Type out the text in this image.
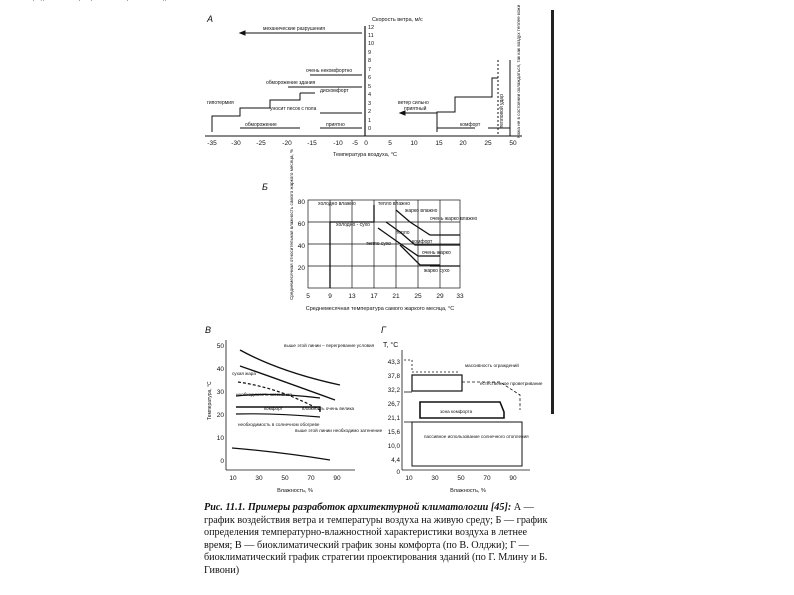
А	Скорость ветра, м/с
-35 -30 -25	-20 -15	-10 -5 0	5	10	15	20	25	50
Температура воздуха, °С
0
1
2
3
4
5
6
7
8
9
10
11
12
механические разрушения
очень некомфортно
обморожение здания
дискомфорт
гипотермия
уносит песок с пола
ветер сильно
приятный
обморожение	приятно	комфорт	тепловой удар Кожа не в состоянии охлаждаться, так как воздух теплее кожи
Б	Среднемесячная относительная влажность самого жаркого месяца, %	холодно влажно	тепло влажно
жарко влажно
очень жарко влажно
холодно - сухо
тепло
комфорт
тепло сухо
очень жарко
жарко сухо
80
60
40
20
5	9	13 17 21 25 29 33
Среднемесячная температура самого жаркого месяца, °С
В
Температура, °С
50
40
30
20
10
0
10	30	50	70	90
Влажность, %
выше этой линии – перегревание условия
сухая жара
необходимость затенения
комфорт	влажность очень велика
необходимость в солнечном обогреве
выше этой линии необходимо затенение
Г
Т, °С
43,3
37,8
32,2
26,7
21,1
15,6
10,0
4,4
0
10	30	50	70	90
Влажность, %
массивность ограждений
естественное проветривание
зона комфорта
пассивное использование солнечного отопления
Рис. 11.1. Примеры разработок архитектурной климатологии [45]: А — график воздействия ветра и температуры воздуха на живую среду; Б — график определения температурно-влажностной характеристики воздуха в летнее время; В — биоклиматический график зоны комфорта (по В. Олджи); Г — биоклиматический график стратегии проектирования зданий (по Г. Млину и Б. Гивони)
